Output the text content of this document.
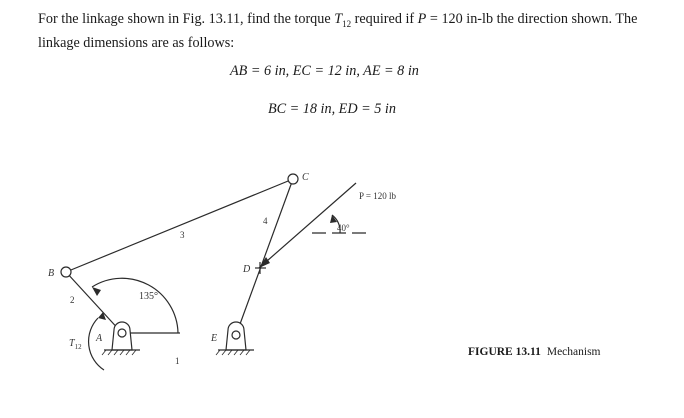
For the linkage shown in Fig. 13.11, find the torque $T_{12}$ required if P = 120 in-lb the direction shown. The linkage dimensions are as follows:
AB = 6 in, EC = 12 in, AE = 8 in
BC = 18 in, ED = 5 in
A
B
C
D
E
1
2
3
4
135°
40°
P = 120 lb
$T_{12}$	FIGURE 13.11 Mechanism
